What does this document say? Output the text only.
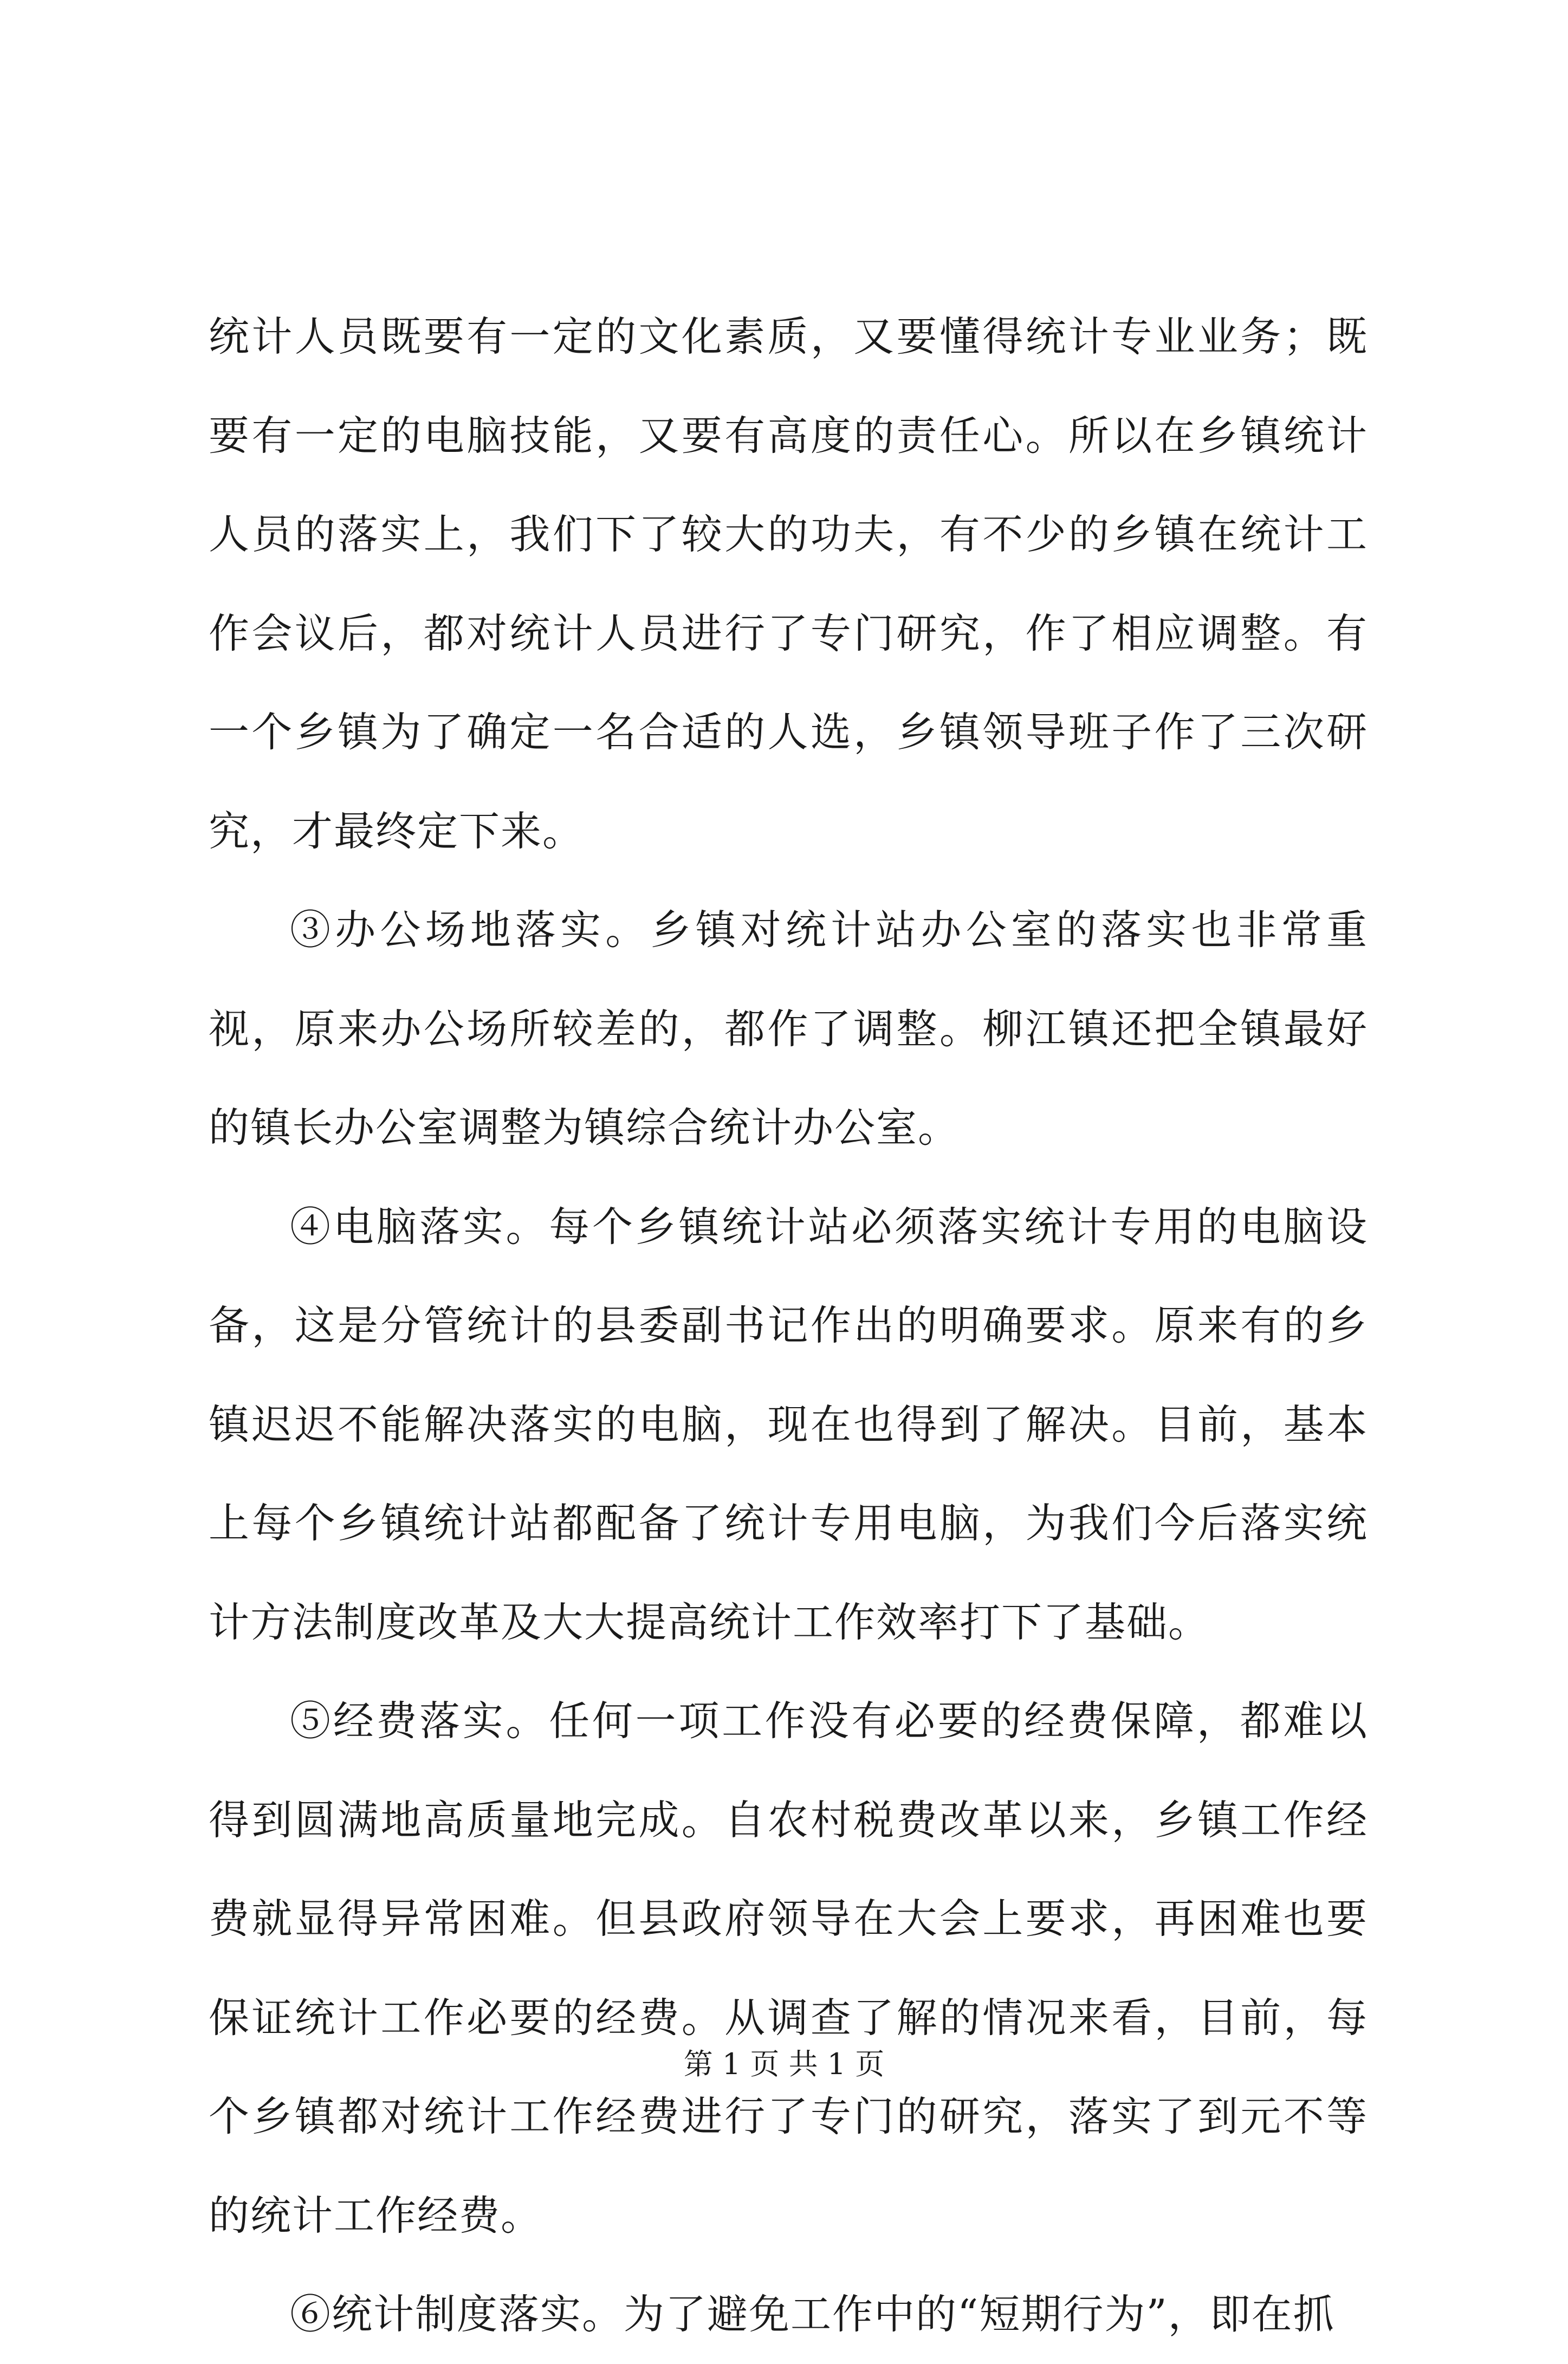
统计人员既要有一定的文化素质，又要懂得统计专业业务；既要有一定的电脑技能，又要有高度的责任心。所以在乡镇统计人员的落实上，我们下了较大的功夫，有不少的乡镇在统计工作会议后，都对统计人员进行了专门研究，作了相应调整。有一个乡镇为了确定一名合适的人选，乡镇领导班子作了三次研究，才最终定下来。

③办公场地落实。乡镇对统计站办公室的落实也非常重视，原来办公场所较差的，都作了调整。柳江镇还把全镇最好的镇长办公室调整为镇综合统计办公室。

④电脑落实。每个乡镇统计站必须落实统计专用的电脑设备，这是分管统计的县委副书记作出的明确要求。原来有的乡镇迟迟不能解决落实的电脑，现在也得到了解决。目前，基本上每个乡镇统计站都配备了统计专用电脑，为我们今后落实统计方法制度改革及大大提高统计工作效率打下了基础。

⑤经费落实。任何一项工作没有必要的经费保障，都难以得到圆满地高质量地完成。自农村税费改革以来，乡镇工作经费就显得异常困难。但县政府领导在大会上要求，再困难也要保证统计工作必要的经费。从调查了解的情况来看，目前，每个乡镇都对统计工作经费进行了专门的研究，落实了到元不等的统计工作经费。

⑥统计制度落实。为了避免工作中的“短期行为”，即在抓

第 1 页 共 1 页
